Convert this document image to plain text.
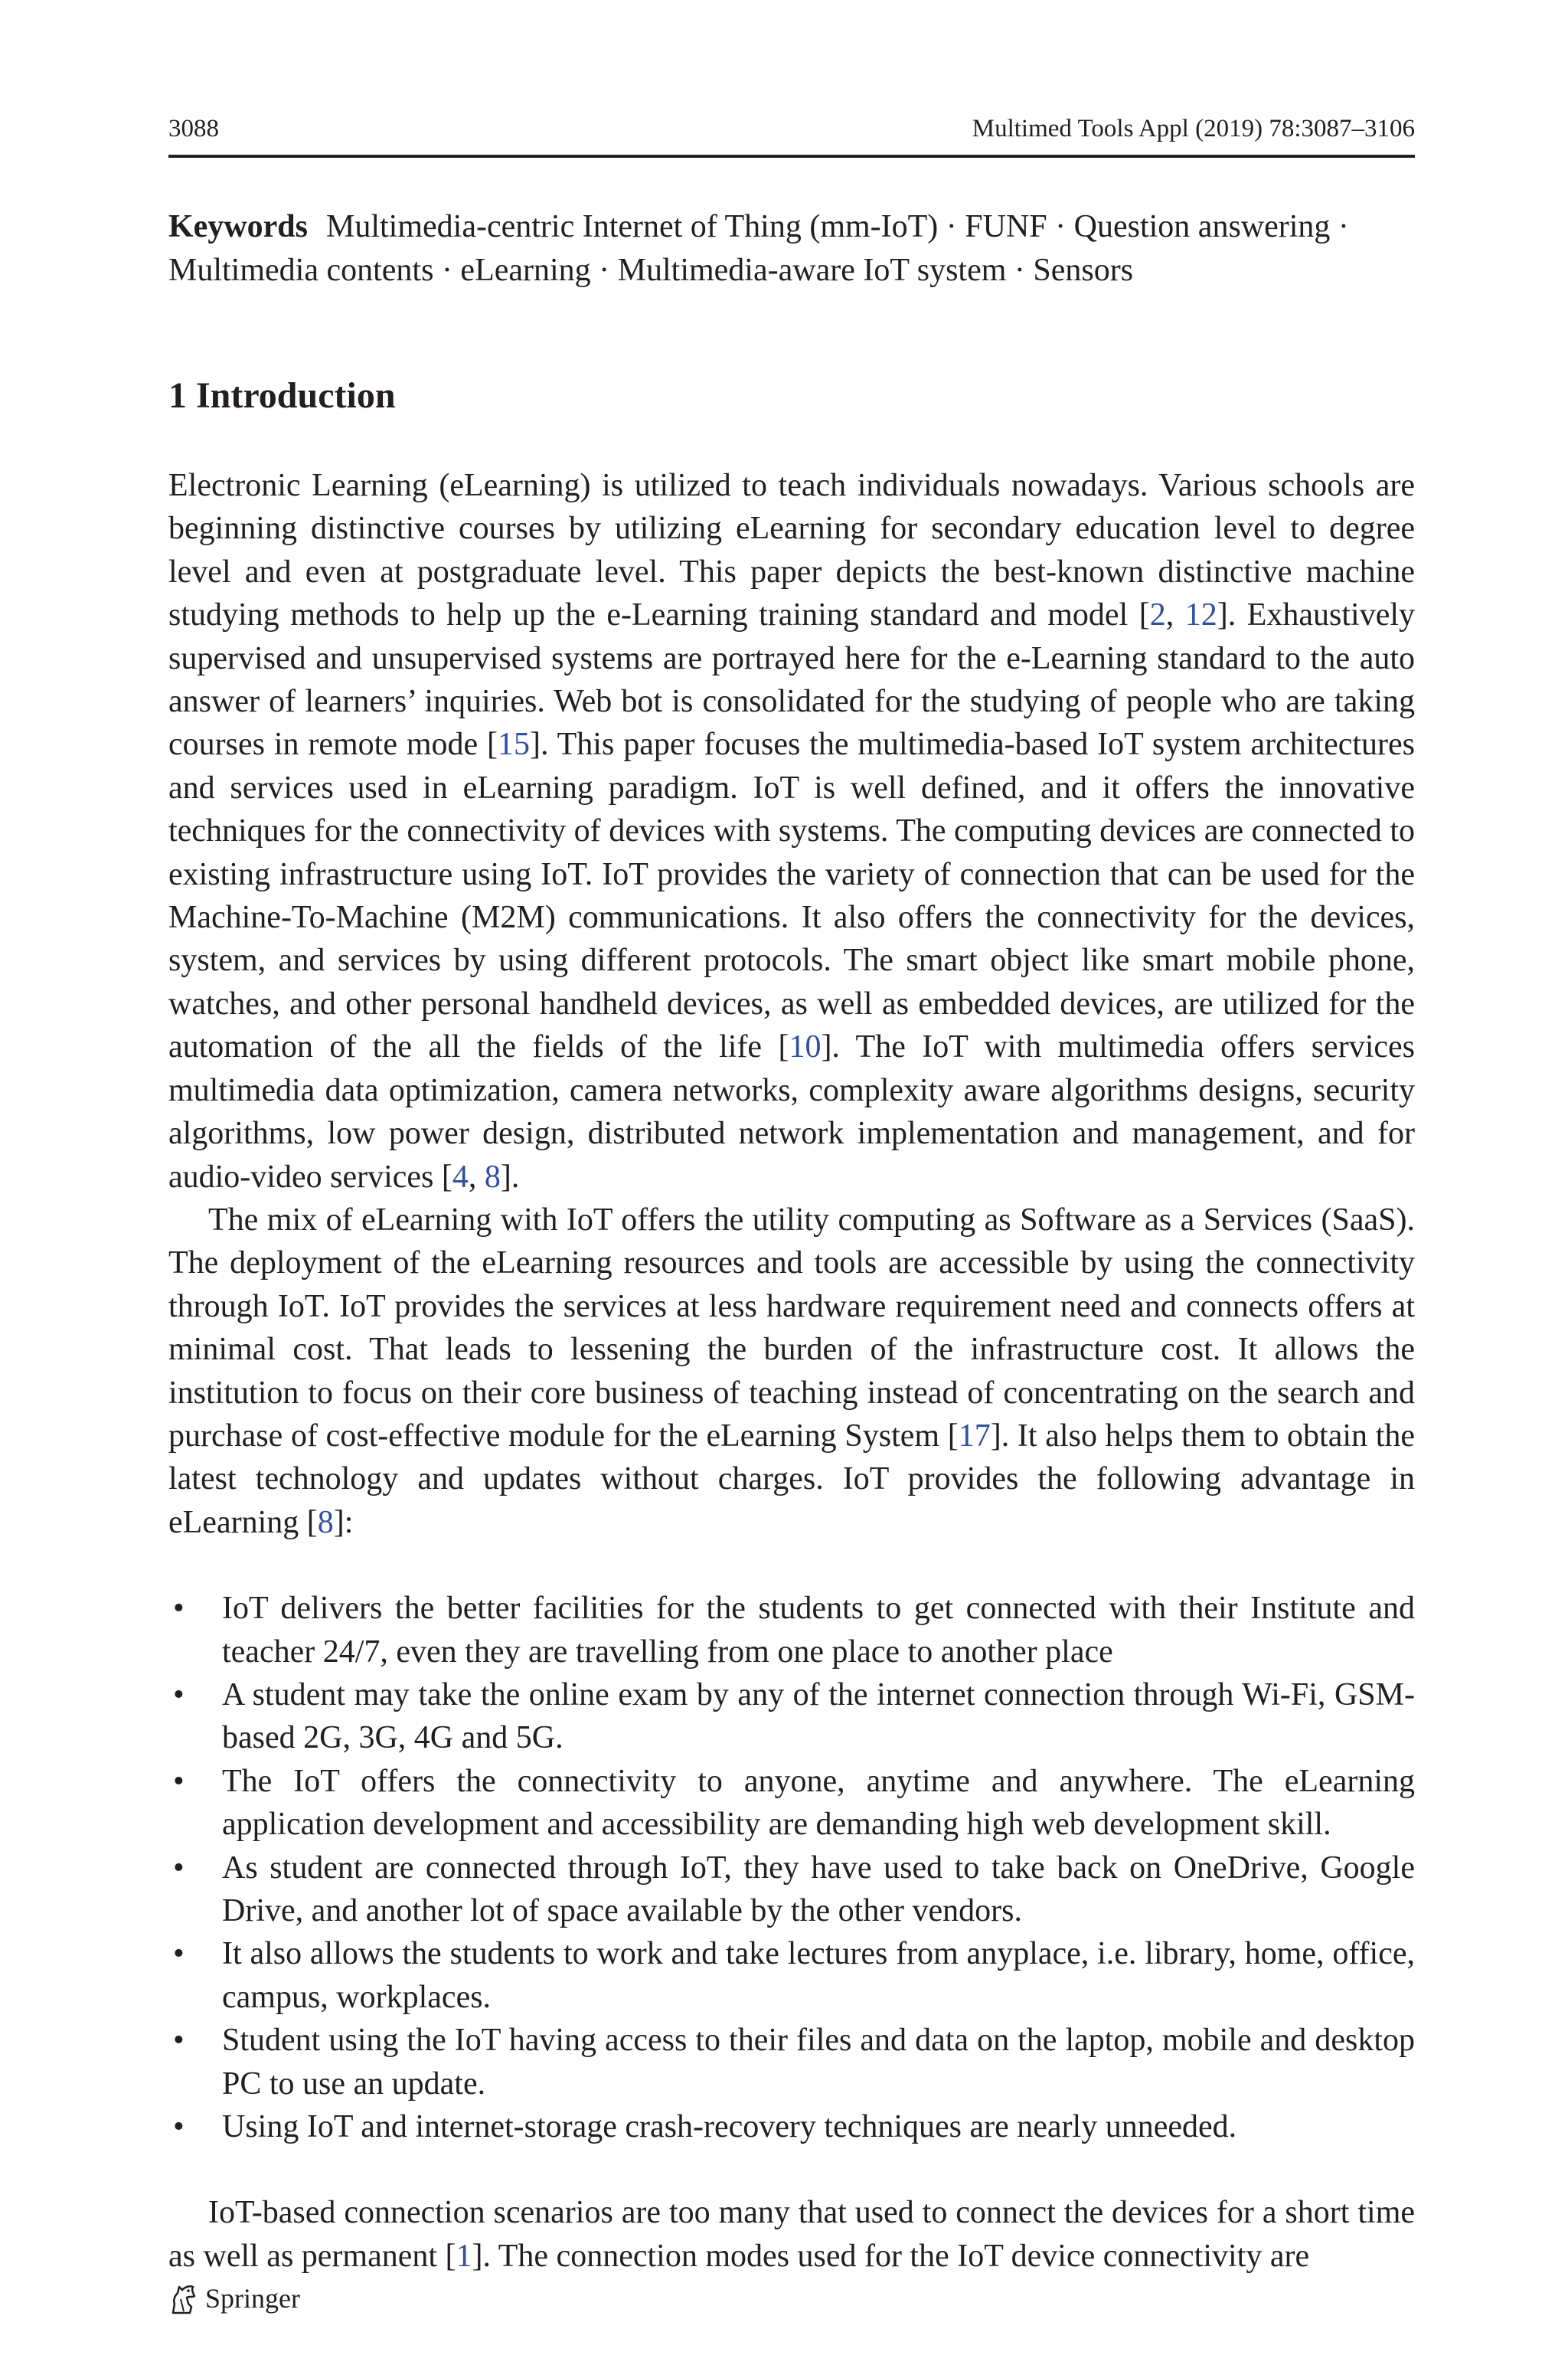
3088	Multimed Tools Appl (2019) 78:3087–3106
Keywords Multimedia-centric Internet of Thing (mm-IoT) · FUNF · Question answering · Multimedia contents · eLearning · Multimedia-aware IoT system · Sensors
1 Introduction

Electronic Learning (eLearning) is utilized to teach individuals nowadays. Various schools are beginning distinctive courses by utilizing eLearning for secondary education level to degree level and even at postgraduate level. This paper depicts the best-known distinctive machine studying methods to help up the e-Learning training standard and model [2, 12]. Exhaustively supervised and unsupervised systems are portrayed here for the e-Learning standard to the auto answer of learners’ inquiries. Web bot is consolidated for the studying of people who are taking courses in remote mode [15]. This paper focuses the multimedia-based IoT system architectures and services used in eLearning paradigm. IoT is well defined, and it offers the innovative techniques for the connectivity of devices with systems. The computing devices are connected to existing infrastructure using IoT. IoT provides the variety of connection that can be used for the Machine-To-Machine (M2M) communications. It also offers the connectivity for the devices, system, and services by using different protocols. The smart object like smart mobile phone, watches, and other personal handheld devices, as well as embedded devices, are utilized for the automation of the all the fields of the life [10]. The IoT with multimedia offers services multimedia data optimization, camera networks, complexity aware algorithms designs, security algorithms, low power design, distributed network implementation and management, and for audio-video services [4, 8].

The mix of eLearning with IoT offers the utility computing as Software as a Services (SaaS). The deployment of the eLearning resources and tools are accessible by using the connectivity through IoT. IoT provides the services at less hardware requirement need and connects offers at minimal cost. That leads to lessening the burden of the infrastructure cost. It allows the institution to focus on their core business of teaching instead of concentrating on the search and purchase of cost-effective module for the eLearning System [17]. It also helps them to obtain the latest technology and updates without charges. IoT provides the following advantage in eLearning [8]:

• IoT delivers the better facilities for the students to get connected with their Institute and teacher 24/7, even they are travelling from one place to another place
• A student may take the online exam by any of the internet connection through Wi-Fi, GSM-based 2G, 3G, 4G and 5G.
• The IoT offers the connectivity to anyone, anytime and anywhere. The eLearning application development and accessibility are demanding high web development skill.
• As student are connected through IoT, they have used to take back on OneDrive, Google Drive, and another lot of space available by the other vendors.
• It also allows the students to work and take lectures from anyplace, i.e. library, home, office, campus, workplaces.
• Student using the IoT having access to their files and data on the laptop, mobile and desktop PC to use an update.
• Using IoT and internet-storage crash-recovery techniques are nearly unneeded.

IoT-based connection scenarios are too many that used to connect the devices for a short time as well as permanent [1]. The connection modes used for the IoT device connectivity are

Springer
